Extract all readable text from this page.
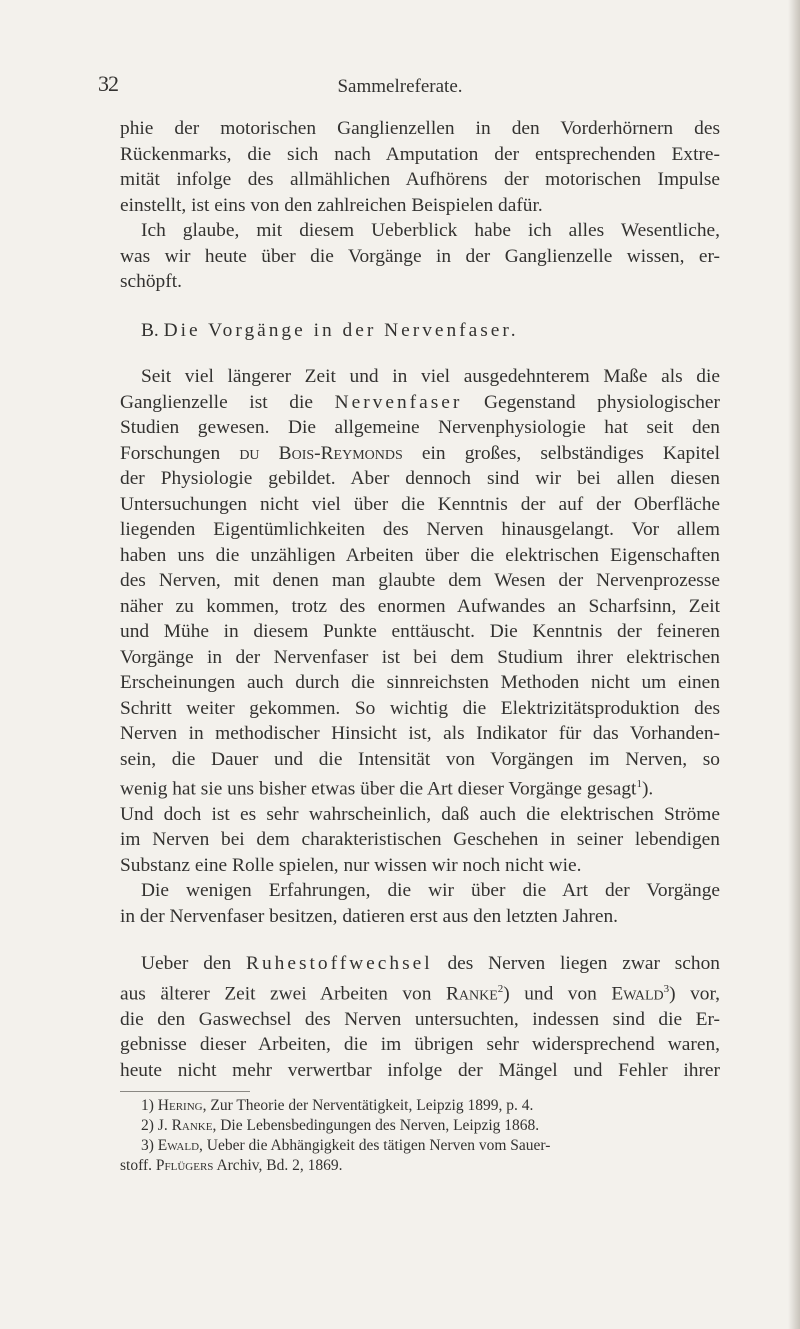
32	Sammelreferate.
phie der motorischen Ganglienzellen in den Vorderhörnern des
Rückenmarks, die sich nach Amputation der entsprechenden Extre-
mität infolge des allmählichen Aufhörens der motorischen Impulse
einstellt, ist eins von den zahlreichen Beispielen dafür.
Ich glaube, mit diesem Ueberblick habe ich alles Wesentliche,
was wir heute über die Vorgänge in der Ganglienzelle wissen, er-
schöpft.
B. Die Vorgänge in der Nervenfaser.
Seit viel längerer Zeit und in viel ausgedehnterem Maße als die
Ganglienzelle ist die Nervenfaser Gegenstand physiologischer
Studien gewesen. Die allgemeine Nervenphysiologie hat seit den
Forschungen du Bois-Reymonds ein großes, selbständiges Kapitel
der Physiologie gebildet. Aber dennoch sind wir bei allen diesen
Untersuchungen nicht viel über die Kenntnis der auf der Oberfläche
liegenden Eigentümlichkeiten des Nerven hinausgelangt. Vor allem
haben uns die unzähligen Arbeiten über die elektrischen Eigenschaften
des Nerven, mit denen man glaubte dem Wesen der Nervenprozesse
näher zu kommen, trotz des enormen Aufwandes an Scharfsinn, Zeit
und Mühe in diesem Punkte enttäuscht. Die Kenntnis der feineren
Vorgänge in der Nervenfaser ist bei dem Studium ihrer elektrischen
Erscheinungen auch durch die sinnreichsten Methoden nicht um einen
Schritt weiter gekommen. So wichtig die Elektrizitätsproduktion des
Nerven in methodischer Hinsicht ist, als Indikator für das Vorhanden-
sein, die Dauer und die Intensität von Vorgängen im Nerven, so
wenig hat sie uns bisher etwas über die Art dieser Vorgänge gesagt$^1$).
Und doch ist es sehr wahrscheinlich, daß auch die elektrischen Ströme
im Nerven bei dem charakteristischen Geschehen in seiner lebendigen
Substanz eine Rolle spielen, nur wissen wir noch nicht wie.
Die wenigen Erfahrungen, die wir über die Art der Vorgänge
in der Nervenfaser besitzen, datieren erst aus den letzten Jahren.
Ueber den Ruhestoffwechsel des Nerven liegen zwar schon
aus älterer Zeit zwei Arbeiten von Ranke$^2$) und von Ewald$^3$) vor,
die den Gaswechsel des Nerven untersuchten, indessen sind die Er-
gebnisse dieser Arbeiten, die im übrigen sehr widersprechend waren,
heute nicht mehr verwertbar infolge der Mängel und Fehler ihrer
1) Hering, Zur Theorie der Nerventätigkeit, Leipzig 1899, p. 4.
2) J. Ranke, Die Lebensbedingungen des Nerven, Leipzig 1868.
3) Ewald, Ueber die Abhängigkeit des tätigen Nerven vom Sauer-
stoff. Pflügers Archiv, Bd. 2, 1869.
